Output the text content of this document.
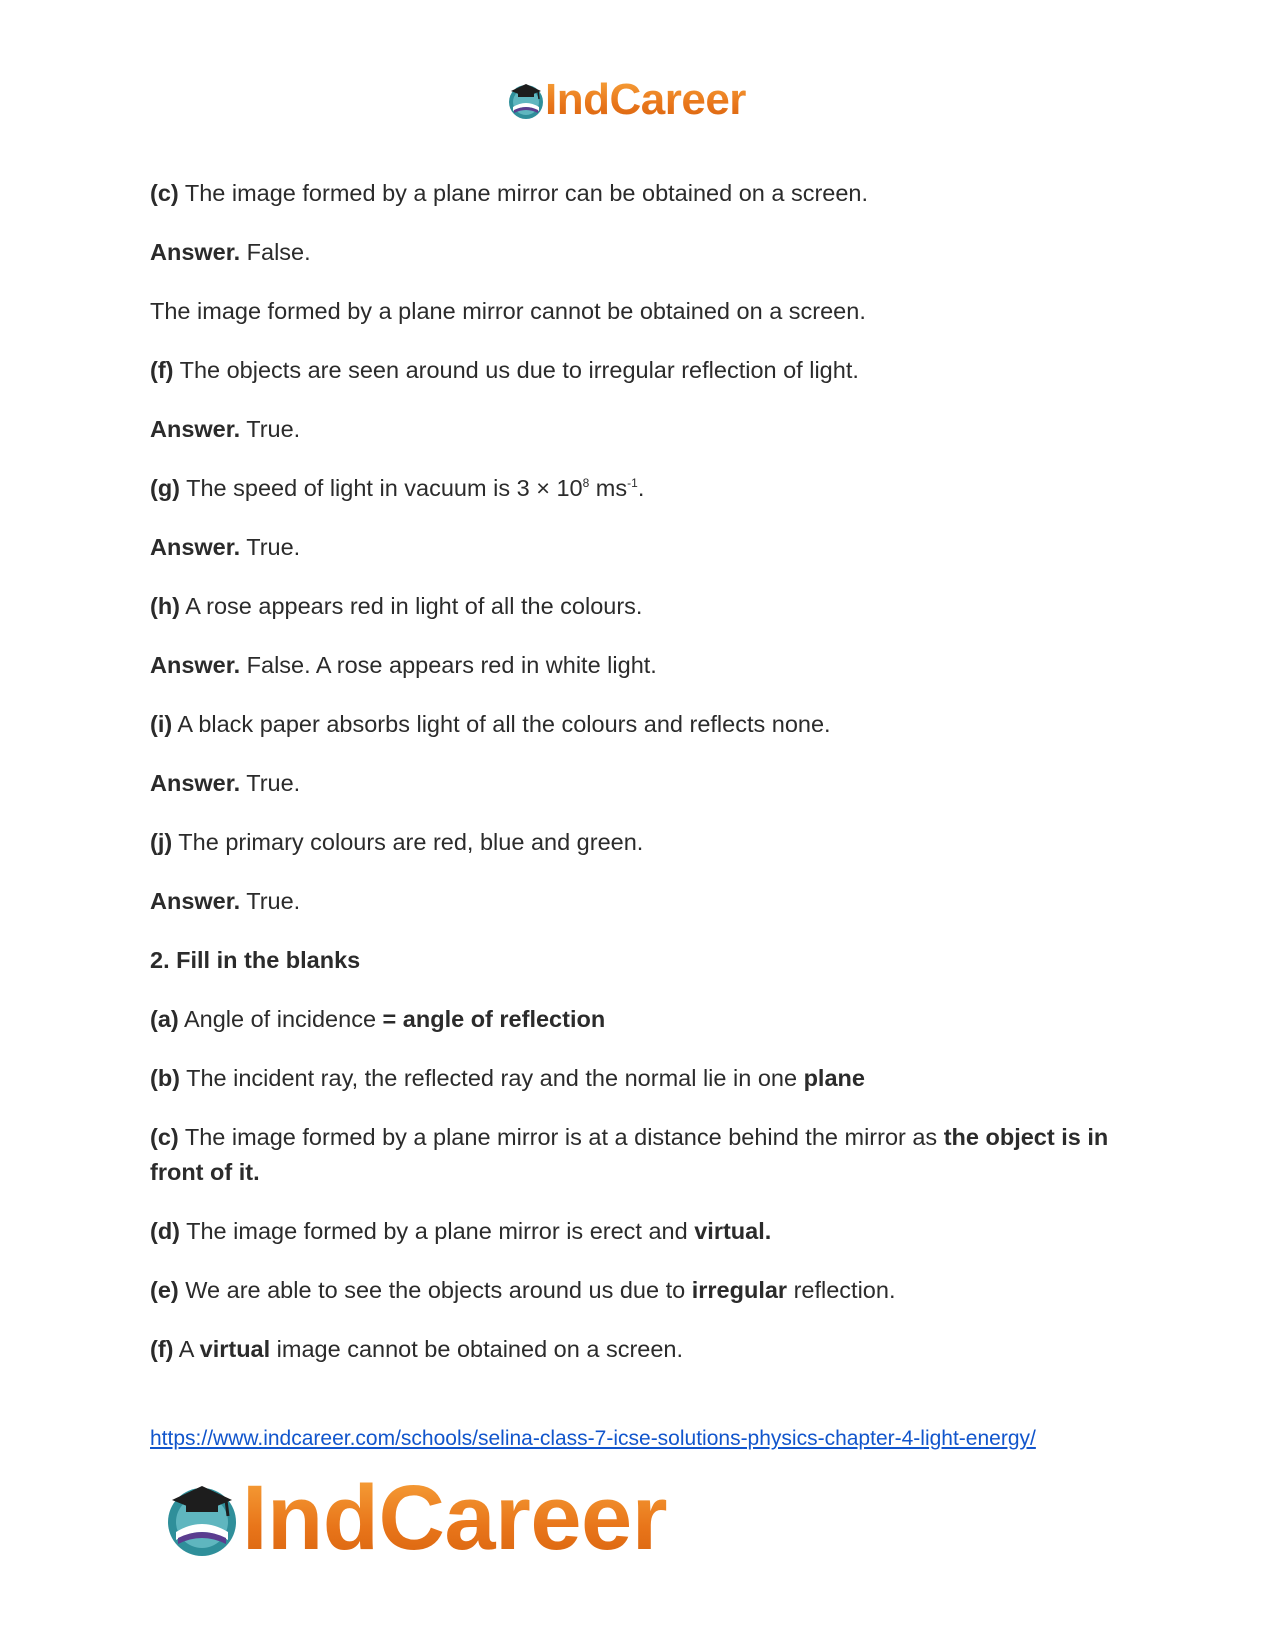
IndCareer

(c) The image formed by a plane mirror can be obtained on a screen.

Answer. False.

The image formed by a plane mirror cannot be obtained on a screen.

(f) The objects are seen around us due to irregular reflection of light.

Answer. True.

(g) The speed of light in vacuum is $3 \times 10^8$ $ms^{-1}$.

Answer. True.

(h) A rose appears red in light of all the colours.

Answer. False. A rose appears red in white light.

(i) A black paper absorbs light of all the colours and reflects none.

Answer. True.

(j) The primary colours are red, blue and green.

Answer. True.

2. Fill in the blanks

(a) Angle of incidence = angle of reflection

(b) The incident ray, the reflected ray and the normal lie in one plane

(c) The image formed by a plane mirror is at a distance behind the mirror as the object is in front of it.

(d) The image formed by a plane mirror is erect and virtual.

(e) We are able to see the objects around us due to irregular reflection.

(f) A virtual image cannot be obtained on a screen.

https://www.indcareer.com/schools/selina-class-7-icse-solutions-physics-chapter-4-light-energy/
IndCareer
